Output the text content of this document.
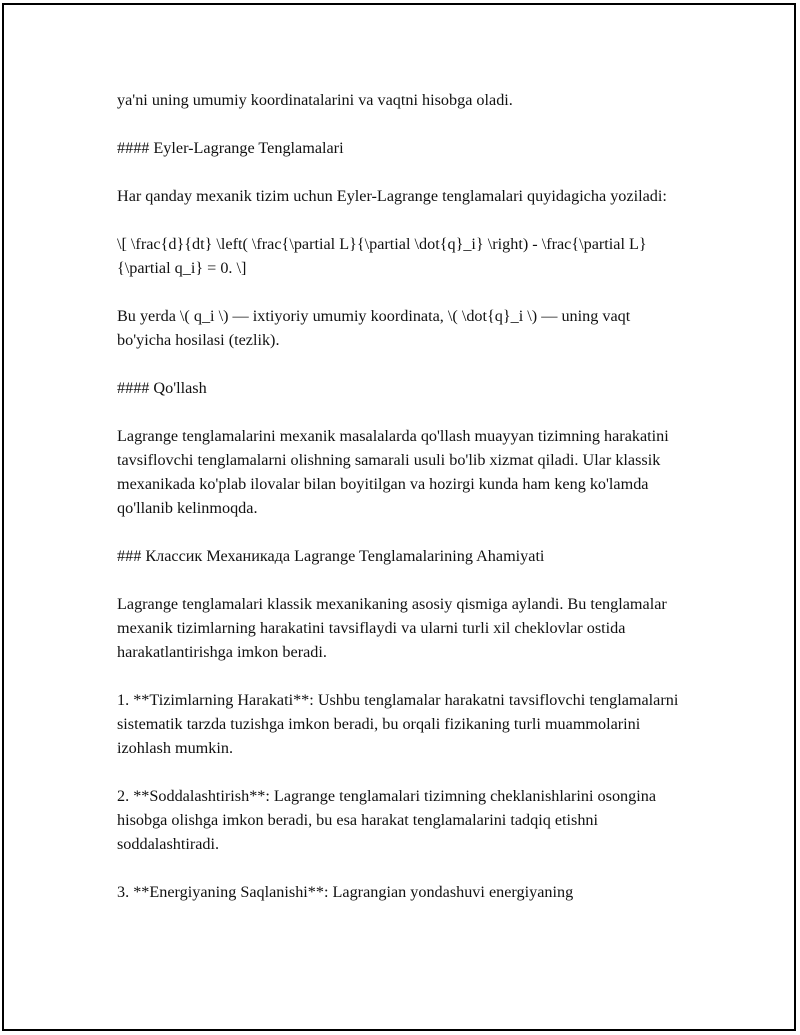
ya'ni uning umumiy koordinatalarini va vaqtni hisobga oladi.

#### Eyler-Lagrange Tenglamalari

Har qanday mexanik tizim uchun Eyler-Lagrange tenglamalari quyidagicha yoziladi:

\[ \frac{d}{dt} \left( \frac{\partial L}{\partial \dot{q}_i} \right) - \frac{\partial L}{\partial q_i} = 0. \]

Bu yerda \( q_i \) — ixtiyoriy umumiy koordinata, \( \dot{q}_i \) — uning vaqt bo'yicha hosilasi (tezlik).

#### Qo'llash

Lagrange tenglamalarini mexanik masalalarda qo'llash muayyan tizimning harakatini tavsiflovchi tenglamalarni olishning samarali usuli bo'lib xizmat qiladi. Ular klassik mexanikada ko'plab ilovalar bilan boyitilgan va hozirgi kunda ham keng ko'lamda qo'llanib kelinmoqda.

### Классик Механикада Lagrange Tenglamalarining Ahamiyati

Lagrange tenglamalari klassik mexanikaning asosiy qismiga aylandi. Bu tenglamalar mexanik tizimlarning harakatini tavsiflaydi va ularni turli xil cheklovlar ostida harakatlantirishga imkon beradi.

1. **Tizimlarning Harakati**: Ushbu tenglamalar harakatni tavsiflovchi tenglamalarni sistematik tarzda tuzishga imkon beradi, bu orqali fizikaning turli muammolarini izohlash mumkin.

2. **Soddalashtirish**: Lagrange tenglamalari tizimning cheklanishlarini osongina hisobga olishga imkon beradi, bu esa harakat tenglamalarini tadqiq etishni soddalashtiradi.

3. **Energiyaning Saqlanishi**: Lagrangian yondashuvi energiyaning
